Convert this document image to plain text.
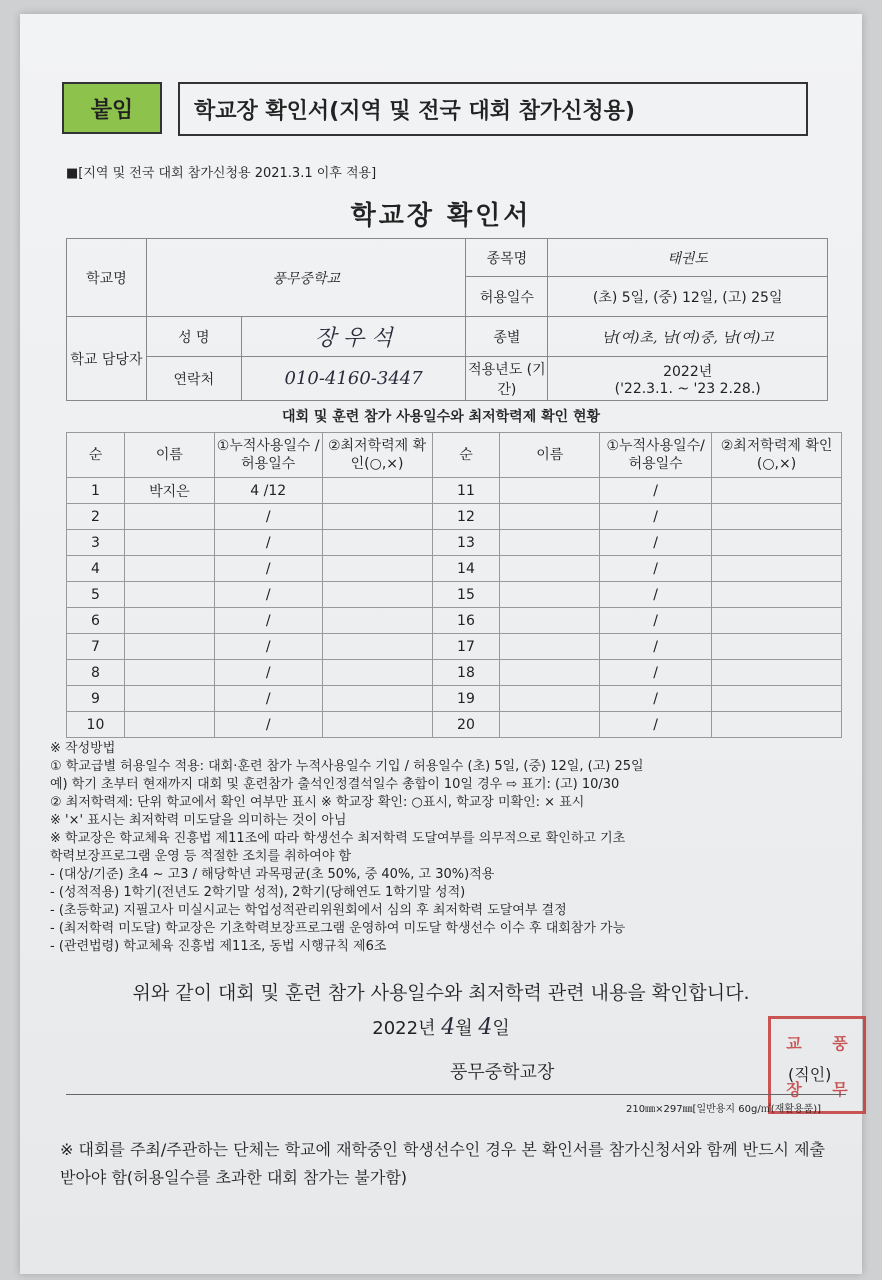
붙임	학교장 확인서(지역 및 전국 대회 참가신청용)
■[지역 및 전국 대회 참가신청용 2021.3.1 이후 적용]
학교장 확인서
학교명	풍무중학교		종목명	태권도
			허용일수	(초) 5일, (중) 12일, (고) 25일
학교 담당자	성 명	장 우 석	종별	남(여)초, 남(여)중, 남(여)고
	연락처	010-4160-3447	적용년도 (기간)	2022년
('22.3.1. ~ '23 2.28.)
대회 및 훈련 참가 사용일수와 최저학력제 확인 현황
순	이름	①누적사용일수 /허용일수	②최저학력제 확인(○,×)	순	이름	①누적사용일수/ 허용일수	②최저학력제 확인(○,×)
1	박지은	4 /12		11		/	
2		/		12		/	
3		/		13		/	
4		/		14		/	
5		/		15		/	
6		/		16		/	
7		/		17		/	
8		/		18		/	
9		/		19		/	
10		/		20		/	
※ 작성방법
① 학교급별 허용일수 적용: 대회·훈련 참가 누적사용일수 기입 / 허용일수 (초) 5일, (중) 12일, (고) 25일
예) 학기 초부터 현재까지 대회 및 훈련참가 출석인정결석일수 총합이 10일 경우 ⇨ 표기: (고) 10/30
② 최저학력제: 단위 학교에서 확인 여부만 표시 ※ 학교장 확인: ○표시, 학교장 미확인: × 표시
※ '×' 표시는 최저학력 미도달을 의미하는 것이 아님
※ 학교장은 학교체육 진흥법 제11조에 따라 학생선수 최저학력 도달여부를 의무적으로 확인하고 기초
학력보장프로그램 운영 등 적절한 조치를 취하여야 함
- (대상/기준) 초4 ~ 고3 / 해당학년 과목평균(초 50%, 중 40%, 고 30%)적용
- (성적적용) 1학기(전년도 2학기말 성적), 2학기(당해연도 1학기말 성적)
- (초등학교) 지필고사 미실시교는 학업성적관리위원회에서 심의 후 최저학력 도달여부 결정
- (최저학력 미도달) 학교장은 기초학력보장프로그램 운영하여 미도달 학생선수 이수 후 대회참가 가능
- (관련법령) 학교체육 진흥법 제11조, 동법 시행규칙 제6조
위와 같이 대회 및 훈련 참가 사용일수와 최저학력 관련 내용을 확인합니다.
2022년 4월 4일
풍무중학교장
교 풍
장 무
(직인)
210㎜×297㎜[일반용지 60g/㎡(재활용품)]
※ 대회를 주최/주관하는 단체는 학교에 재학중인 학생선수인 경우 본 확인서를 참가신청서와 함께 반드시 제출받아야 함(허용일수를 초과한 대회 참가는 불가함)
